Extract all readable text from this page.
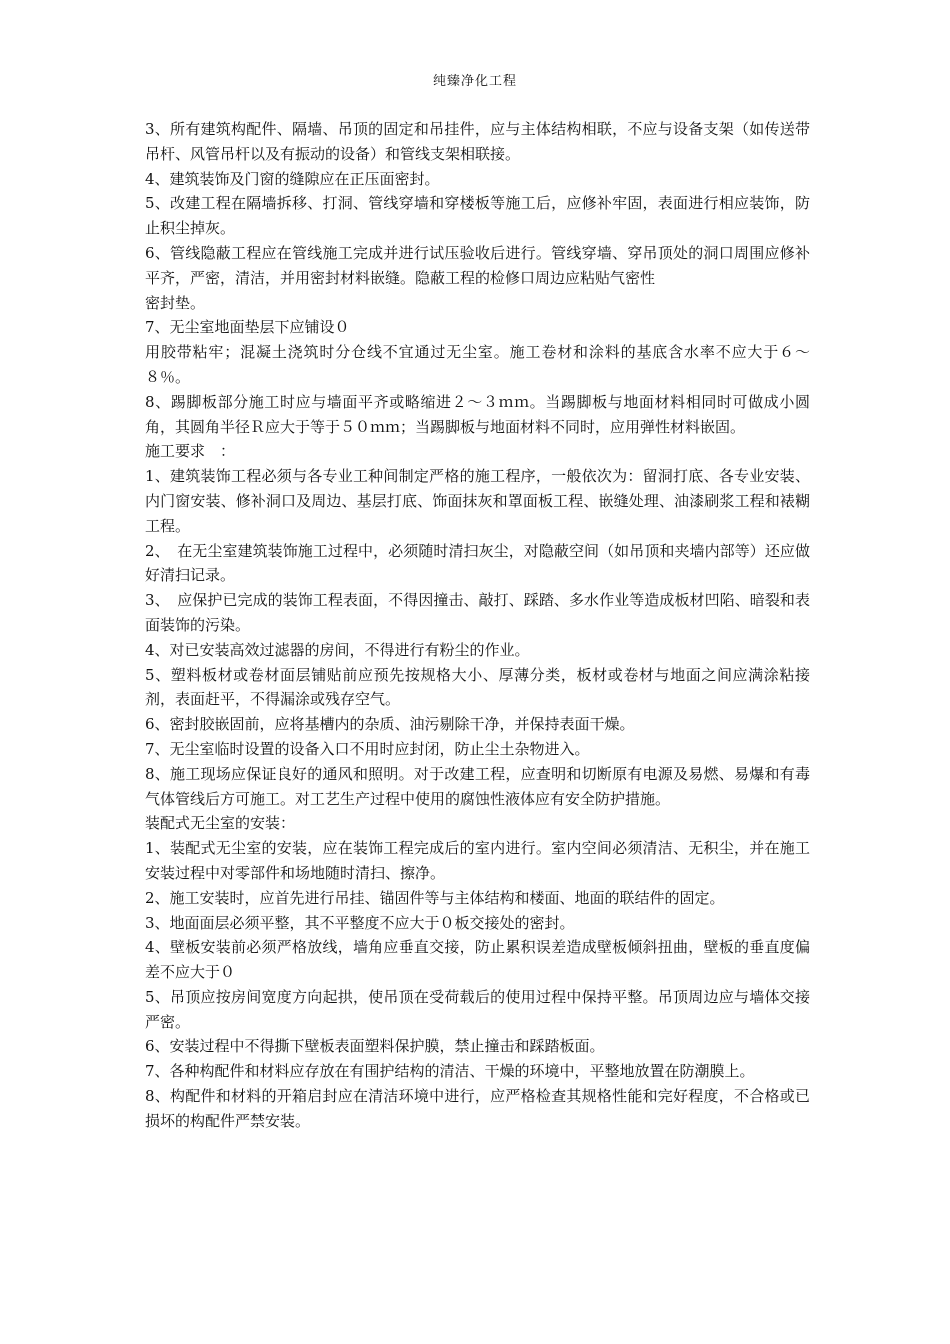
纯臻净化工程

3、所有建筑构配件、隔墙、吊顶的固定和吊挂件，应与主体结构相联，不应与设备支架（如传送带吊杆、风管吊杆以及有振动的设备）和管线支架相联接。

4、建筑装饰及门窗的缝隙应在正压面密封。

5、改建工程在隔墙拆移、打洞、管线穿墙和穿楼板等施工后，应修补牢固，表面进行相应装饰，防止积尘掉灰。

6、管线隐蔽工程应在管线施工完成并进行试压验收后进行。管线穿墙、穿吊顶处的洞口周围应修补平齐，严密，清洁，并用密封材料嵌缝。隐蔽工程的检修口周边应粘贴气密性

密封垫。

7、无尘室地面垫层下应铺设０

用胶带粘牢；混凝土浇筑时分仓线不宜通过无尘室。施工卷材和涂料的基底含水率不应大于６～８％。

8、踢脚板部分施工时应与墙面平齐或略缩进２～３ｍｍ。当踢脚板与地面材料相同时可做成小圆角，其圆角半径Ｒ应大于等于５０ｍｍ；当踢脚板与地面材料不同时，应用弹性材料嵌固。

施工要求　：

1、建筑装饰工程必须与各专业工种间制定严格的施工程序，一般依次为：留洞打底、各专业安装、内门窗安装、修补洞口及周边、基层打底、饰面抹灰和罩面板工程、嵌缝处理、油漆刷浆工程和裱糊工程。

2、　在无尘室建筑装饰施工过程中，必须随时清扫灰尘，对隐蔽空间（如吊顶和夹墙内部等）还应做好清扫记录。

3、　应保护已完成的装饰工程表面，不得因撞击、敲打、踩踏、多水作业等造成板材凹陷、暗裂和表面装饰的污染。

4、对已安装高效过滤器的房间，不得进行有粉尘的作业。

5、塑料板材或卷材面层铺贴前应预先按规格大小、厚薄分类，板材或卷材与地面之间应满涂粘接剂，表面赶平，不得漏涂或残存空气。

6、密封胶嵌固前，应将基槽内的杂质、油污剔除干净，并保持表面干燥。

7、无尘室临时设置的设备入口不用时应封闭，防止尘土杂物进入。

8、施工现场应保证良好的通风和照明。对于改建工程，应查明和切断原有电源及易燃、易爆和有毒气体管线后方可施工。对工艺生产过程中使用的腐蚀性液体应有安全防护措施。

装配式无尘室的安装：

1、装配式无尘室的安装，应在装饰工程完成后的室内进行。室内空间必须清洁、无积尘，并在施工安装过程中对零部件和场地随时清扫、擦净。

2、施工安装时，应首先进行吊挂、锚固件等与主体结构和楼面、地面的联结件的固定。

3、地面面层必须平整，其不平整度不应大于０板交接处的密封。

4、壁板安装前必须严格放线，墙角应垂直交接，防止累积误差造成壁板倾斜扭曲，壁板的垂直度偏差不应大于０

5、吊顶应按房间宽度方向起拱，使吊顶在受荷载后的使用过程中保持平整。吊顶周边应与墙体交接严密。

6、安装过程中不得撕下壁板表面塑料保护膜，禁止撞击和踩踏板面。

7、各种构配件和材料应存放在有围护结构的清洁、干燥的环境中，平整地放置在防潮膜上。

8、构配件和材料的开箱启封应在清洁环境中进行，应严格检查其规格性能和完好程度，不合格或已损坏的构配件严禁安装。
